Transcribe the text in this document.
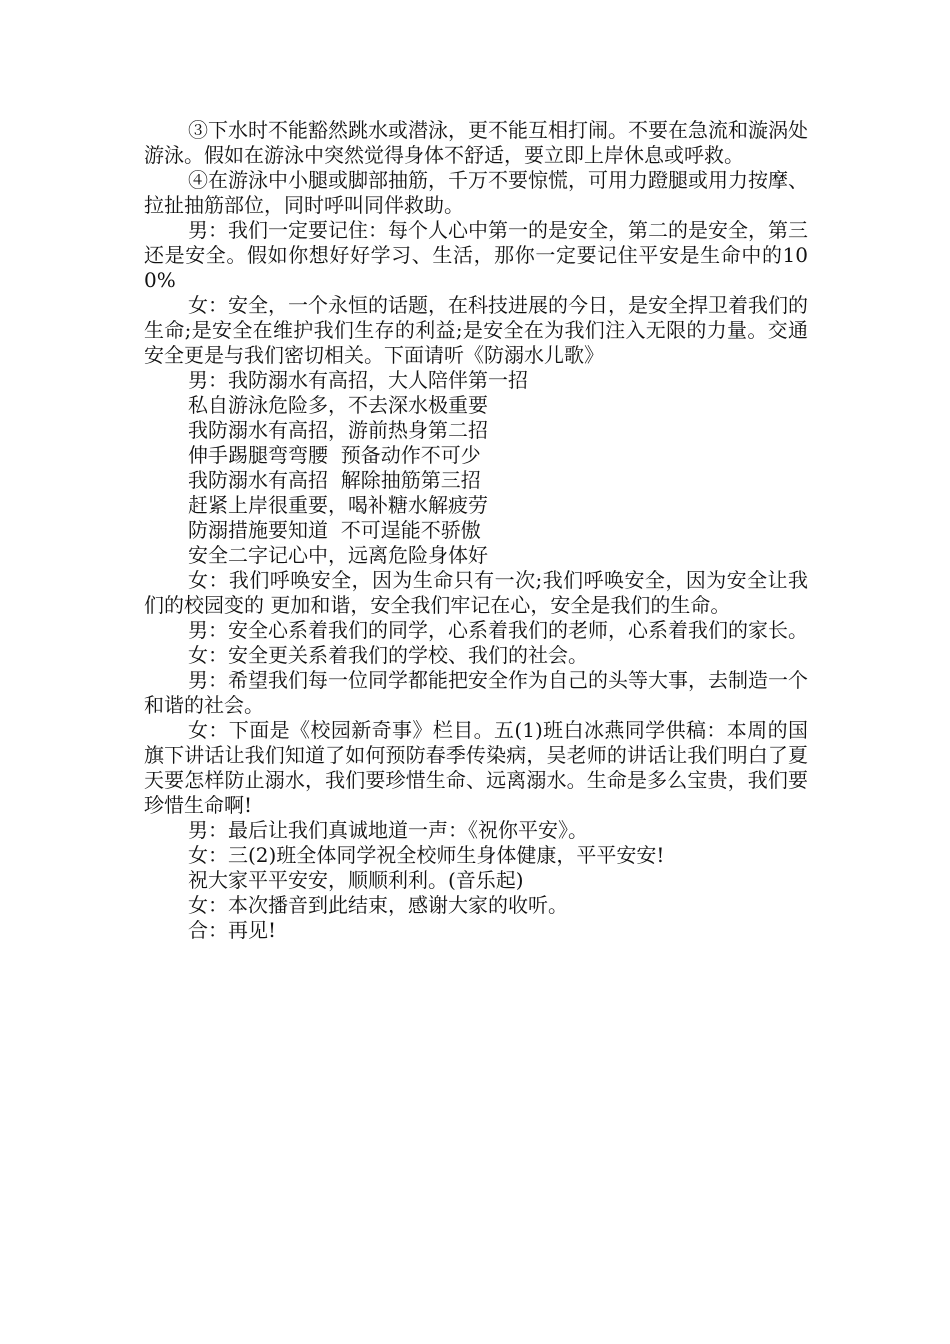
③下水时不能豁然跳水或潜泳，更不能互相打闹。不要在急流和漩涡处游泳。假如在游泳中突然觉得身体不舒适，要立即上岸休息或呼救。

④在游泳中小腿或脚部抽筋，千万不要惊慌，可用力蹬腿或用力按摩、拉扯抽筋部位，同时呼叫同伴救助。

男：我们一定要记住：每个人心中第一的是安全，第二的是安全，第三还是安全。假如你想好好学习、生活，那你一定要记住平安是生命中的100%

女：安全，一个永恒的话题，在科技进展的今日，是安全捍卫着我们的生命;是安全在维护我们生存的利益;是安全在为我们注入无限的力量。交通安全更是与我们密切相关。下面请听《防溺水儿歌》

男：我防溺水有高招，大人陪伴第一招

私自游泳危险多，不去深水极重要

我防溺水有高招，游前热身第二招

伸手踢腿弯弯腰  预备动作不可少

我防溺水有高招  解除抽筋第三招

赶紧上岸很重要，喝补糖水解疲劳

防溺措施要知道  不可逞能不骄傲

安全二字记心中，远离危险身体好

女：我们呼唤安全，因为生命只有一次;我们呼唤安全，因为安全让我们的校园变的 更加和谐，安全我们牢记在心，安全是我们的生命。

男：安全心系着我们的同学，心系着我们的老师，心系着我们的家长。

女：安全更关系着我们的学校、我们的社会。

男：希望我们每一位同学都能把安全作为自己的头等大事，去制造一个和谐的社会。

女：下面是《校园新奇事》栏目。五(1)班白冰燕同学供稿：本周的国旗下讲话让我们知道了如何预防春季传染病，吴老师的讲话让我们明白了夏天要怎样防止溺水，我们要珍惜生命、远离溺水。生命是多么宝贵，我们要珍惜生命啊!

男：最后让我们真诚地道一声：《祝你平安》。

女：三(2)班全体同学祝全校师生身体健康，平平安安!

祝大家平平安安，顺顺利利。(音乐起)

女：本次播音到此结束，感谢大家的收听。

合：再见!
